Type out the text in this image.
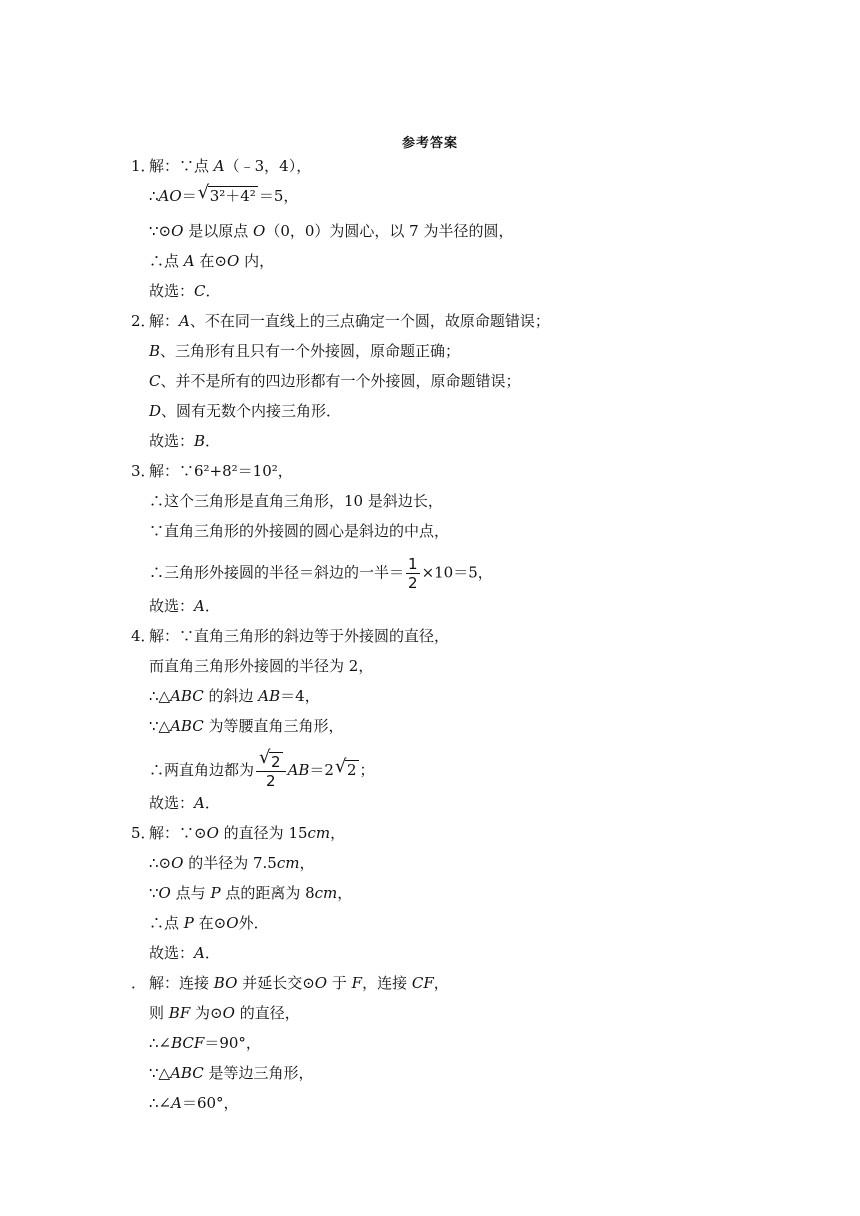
参考答案
1．
解：∵点 A（﹣3，4），
∴AO＝ √ 3²＋4² ＝5，
∵⊙O 是以原点 O（0，0）为圆心，以 7 为半径的圆，
∴点 A 在⊙O 内，
故选：C．
2．
解：A、不在同一直线上的三点确定一个圆，故原命题错误；
B、三角形有且只有一个外接圆，原命题正确；
C、并不是所有的四边形都有一个外接圆，原命题错误；
D、圆有无数个内接三角形．
故选：B．
3．
解：∵6²+8²＝10²，
∴这个三角形是直角三角形，10 是斜边长，
∵直角三角形的外接圆的圆心是斜边的中点，
∴三角形外接圆的半径＝斜边的一半＝ $\frac{1}{2} \times 10=5$，
故选：A．
4．
解：∵直角三角形的斜边等于外接圆的直径，
而直角三角形外接圆的半径为 2，
∴△ABC 的斜边 AB＝4，
∵△ABC 为等腰直角三角形，
∴两直角边都为 $\frac{√ 2}{2} AB=2$ √ 2 ；
故选：A．
5．
解：∵⊙O 的直径为 15cm，
∴⊙O 的半径为 7.5cm，
∵O 点与 P 点的距离为 8cm，
∴点 P 在⊙O外．
故选：A．
． 解：连接 BO 并延长交⊙O 于 F，连接 CF，
则 BF 为⊙O 的直径，
∴∠BCF＝90°，
∵△ABC 是等边三角形，
∴∠A＝60°，
